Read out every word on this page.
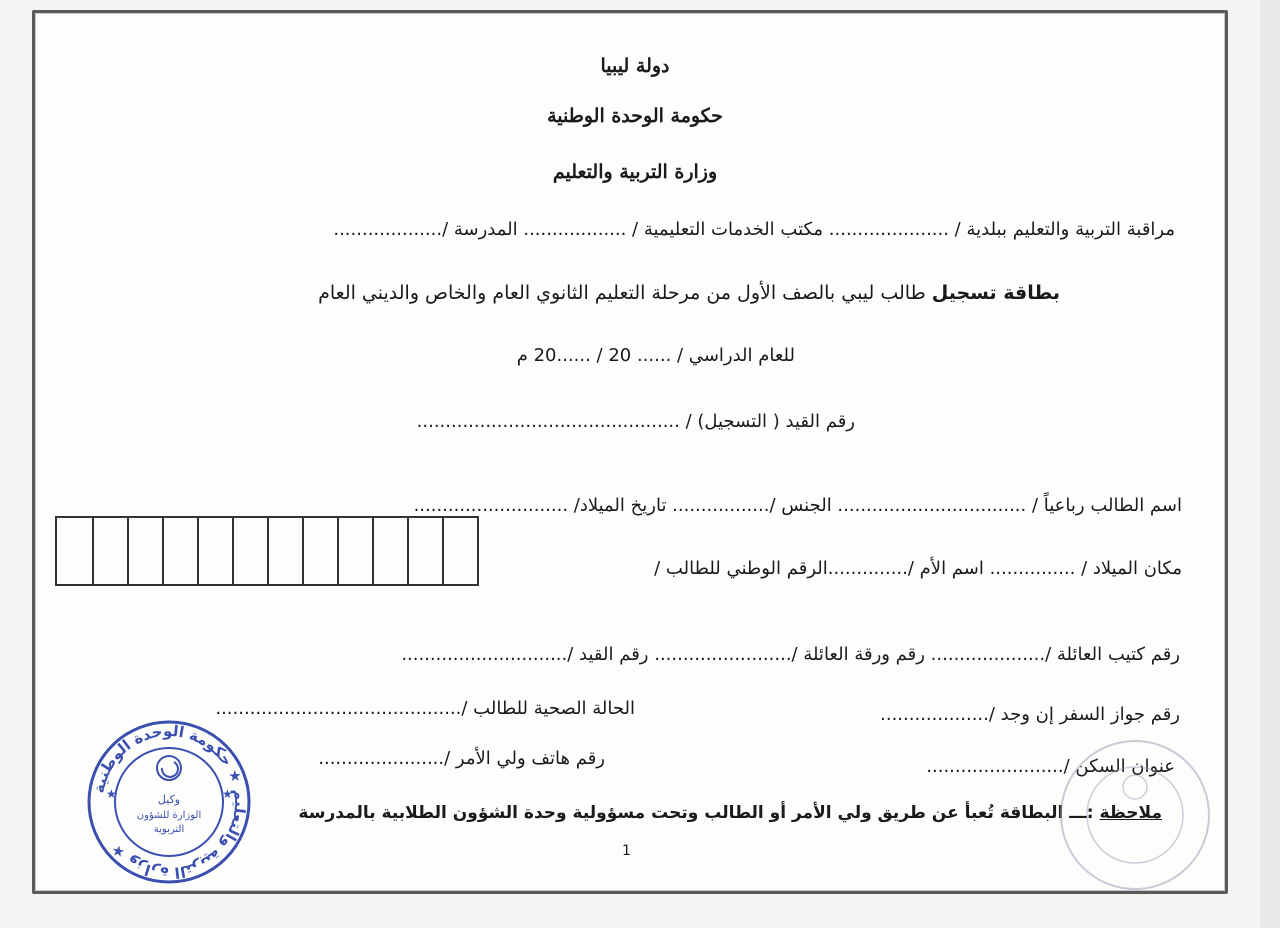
دولة ليبيا
حكومة الوحدة الوطنية
وزارة التربية والتعليم
مراقبة التربية والتعليم ببلدية / ..................... مكتب الخدمات التعليمية / .................. المدرسة /...................
بطاقة تسجيل طالب ليبي بالصف الأول من مرحلة التعليم الثانوي العام والخاص والديني العام
للعام الدراسي / ...... 20 / ......20 م
رقم القيد ( التسجيل) / ..............................................
اسم الطالب رباعياً / ................................. الجنس /................. تاريخ الميلاد/ ...........................
مكان الميلاد / ............... اسم الأم /..............الرقم الوطني للطالب /
رقم كتيب العائلة /.................... رقم ورقة العائلة /........................ رقم القيد /.............................
رقم جواز السفر إن وجد /...................
الحالة الصحية للطالب /...........................................
عنوان السكن /........................
رقم هاتف ولي الأمر /......................
ملاحظة :ـــ البطاقة تُعبأ عن طريق ولي الأمر أو الطالب وتحت مسؤولية وحدة الشؤون الطلابية بالمدرسة
1
وزارة التربية والتعليم ★ حكومة الوحدة الوطنية ★
وكيل
الوزارة للشؤون
التربوية
★	★
